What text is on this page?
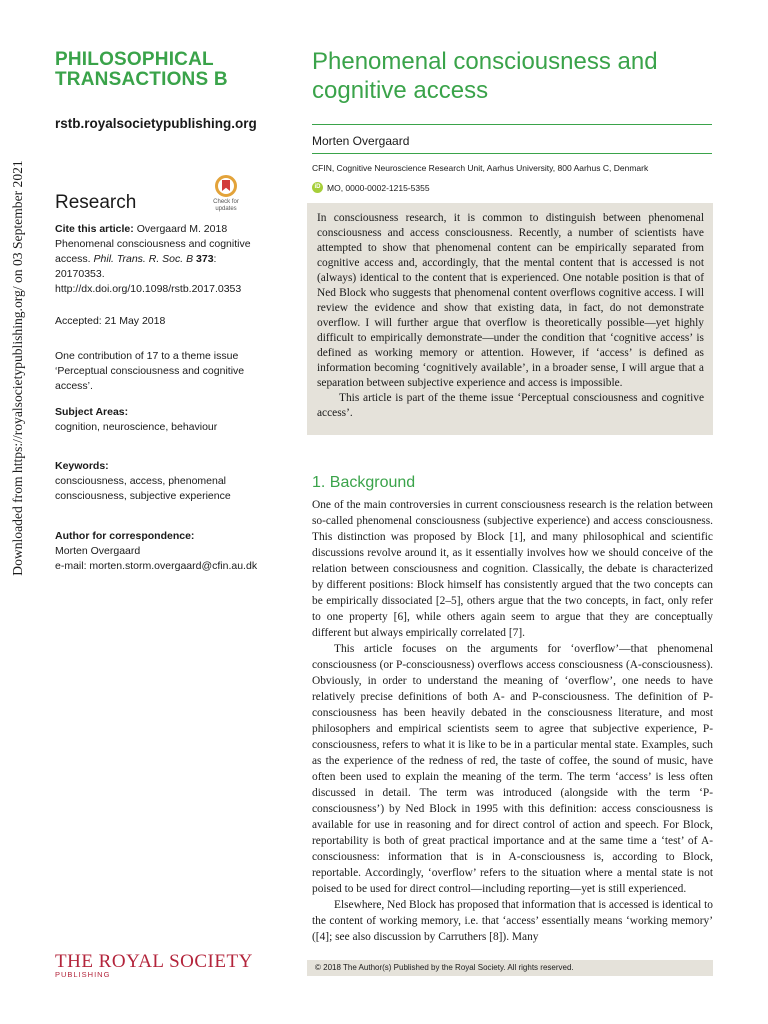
PHILOSOPHICAL
TRANSACTIONS B
rstb.royalsocietypublishing.org
Research	Check for updates
Cite this article: Overgaard M. 2018 Phenomenal consciousness and cognitive access. Phil. Trans. R. Soc. B 373: 20170353. http://dx.doi.org/10.1098/rstb.2017.0353
Accepted: 21 May 2018
One contribution of 17 to a theme issue ‘Perceptual consciousness and cognitive access’.
Subject Areas:
cognition, neuroscience, behaviour
Keywords:
consciousness, access, phenomenal consciousness, subjective experience
Author for correspondence:
Morten Overgaard
e-mail: morten.storm.overgaard@cfin.au.dk
THE ROYAL SOCIETY
PUBLISHING
Downloaded from https://royalsocietypublishing.org/ on 03 September 2021
Phenomenal consciousness and cognitive access
Morten Overgaard
CFIN, Cognitive Neuroscience Research Unit, Aarhus University, 800 Aarhus C, Denmark
iD MO, 0000-0002-1215-5355

In consciousness research, it is common to distinguish between phenomenal consciousness and access consciousness. Recently, a number of scientists have attempted to show that phenomenal content can be empirically separated from cognitive access and, accordingly, that the mental content that is accessed is not (always) identical to the content that is experienced. One notable position is that of Ned Block who suggests that phenomenal content overflows cognitive access. I will review the evidence and show that existing data, in fact, do not demonstrate overflow. I will further argue that overflow is theoretically possible—yet highly difficult to empirically demonstrate—under the condition that ‘cognitive access’ is defined as working memory or attention. However, if ‘access’ is defined as information becoming ‘cognitively available’, in a broader sense, I will argue that a separation between subjective experience and access is impossible.

This article is part of the theme issue ‘Perceptual consciousness and cognitive access’.

1. Background

One of the main controversies in current consciousness research is the relation between so-called phenomenal consciousness (subjective experience) and access consciousness. This distinction was proposed by Block [1], and many philosophical and scientific discussions revolve around it, as it essentially involves how we should conceive of the relation between consciousness and cognition. Classically, the debate is characterized by different positions: Block himself has consistently argued that the two concepts can be empirically dissociated [2–5], others argue that the two concepts, in fact, only refer to one property [6], while others again seem to argue that they are conceptually different but always empirically correlated [7].

This article focuses on the arguments for ‘overflow’—that phenomenal consciousness (or P-consciousness) overflows access consciousness (A-consciousness). Obviously, in order to understand the meaning of ‘overflow’, one needs to have relatively precise definitions of both A- and P-consciousness. The definition of P-consciousness has been heavily debated in the consciousness literature, and most philosophers and empirical scientists seem to agree that subjective experience, P-consciousness, refers to what it is like to be in a particular mental state. Examples, such as the experience of the redness of red, the taste of coffee, the sound of music, have often been used to explain the meaning of the term. The term ‘access’ is less often discussed in detail. The term was introduced (alongside with the term ‘P-consciousness’) by Ned Block in 1995 with this definition: access consciousness is available for use in reasoning and for direct control of action and speech. For Block, reportability is both of great practical importance and at the same time a ‘test’ of A-consciousness: information that is in A-consciousness is, according to Block, reportable. Accordingly, ‘overflow’ refers to the situation where a mental state is not poised to be used for direct control—including reporting—yet is still experienced.

Elsewhere, Ned Block has proposed that information that is accessed is identical to the content of working memory, i.e. that ‘access’ essentially means ‘working memory’ ([4]; see also discussion by Carruthers [8]). Many

© 2018 The Author(s) Published by the Royal Society. All rights reserved.
